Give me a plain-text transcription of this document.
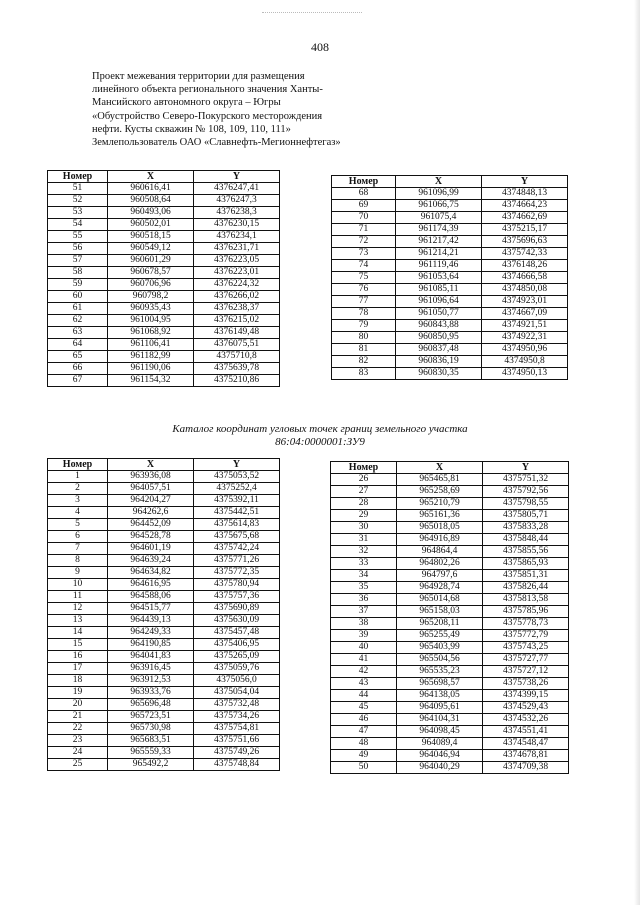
408
Проект межевания территории для размещения
линейного объекта регионального значения Ханты-
Мансийского автономного округа – Югры
«Обустройство Северо-Покурского месторождения
нефти. Кусты скважин № 108, 109, 110, 111»
Землепользователь ОАО «Славнефть-Мегионнефтегаз»
Номер	X	Y
51	960616,41	4376247,41
52	960508,64	4376247,3
53	960493,06	4376238,3
54	960502,01	4376230,15
55	960518,15	4376234,1
56	960549,12	4376231,71
57	960601,29	4376223,05
58	960678,57	4376223,01
59	960706,96	4376224,32
60	960798,2	4376266,02
61	960935,43	4376238,37
62	961004,95	4376215,02
63	961068,92	4376149,48
64	961106,41	4376075,51
65	961182,99	4375710,8
66	961190,06	4375639,78
67	961154,32	4375210,86
Номер	X	Y
68	961096,99	4374848,13
69	961066,75	4374664,23
70	961075,4	4374662,69
71	961174,39	4375215,17
72	961217,42	4375696,63
73	961214,21	4375742,33
74	961119,46	4376148,26
75	961053,64	4374666,58
76	961085,11	4374850,08
77	961096,64	4374923,01
78	961050,77	4374667,09
79	960843,88	4374921,51
80	960850,95	4374922,31
81	960837,48	4374950,96
82	960836,19	4374950,8
83	960830,35	4374950,13
Каталог координат угловых точек границ земельного участка
86:04:0000001:ЗУ9
Номер	X	Y
1	963936,08	4375053,52
2	964057,51	4375252,4
3	964204,27	4375392,11
4	964262,6	4375442,51
5	964452,09	4375614,83
6	964528,78	4375675,68
7	964601,19	4375742,24
8	964639,24	4375771,26
9	964634,82	4375772,35
10	964616,95	4375780,94
11	964588,06	4375757,36
12	964515,77	4375690,89
13	964439,13	4375630,09
14	964249,33	4375457,48
15	964190,85	4375406,95
16	964041,83	4375265,09
17	963916,45	4375059,76
18	963912,53	4375056,0
19	963933,76	4375054,04
20	965696,48	4375732,48
21	965723,51	4375734,26
22	965730,98	4375754,81
23	965683,51	4375751,66
24	965559,33	4375749,26
25	965492,2	4375748,84
Номер	X	Y
26	965465,81	4375751,32
27	965258,69	4375792,56
28	965210,79	4375798,55
29	965161,36	4375805,71
30	965018,05	4375833,28
31	964916,89	4375848,44
32	964864,4	4375855,56
33	964802,26	4375865,93
34	964797,6	4375851,31
35	964928,74	4375826,44
36	965014,68	4375813,58
37	965158,03	4375785,96
38	965208,11	4375778,73
39	965255,49	4375772,79
40	965403,99	4375743,25
41	965504,56	4375727,77
42	965535,23	4375727,12
43	965698,57	4375738,26
44	964138,05	4374399,15
45	964095,61	4374529,43
46	964104,31	4374532,26
47	964098,45	4374551,41
48	964089,4	4374548,47
49	964046,94	4374678,81
50	964040,29	4374709,38
